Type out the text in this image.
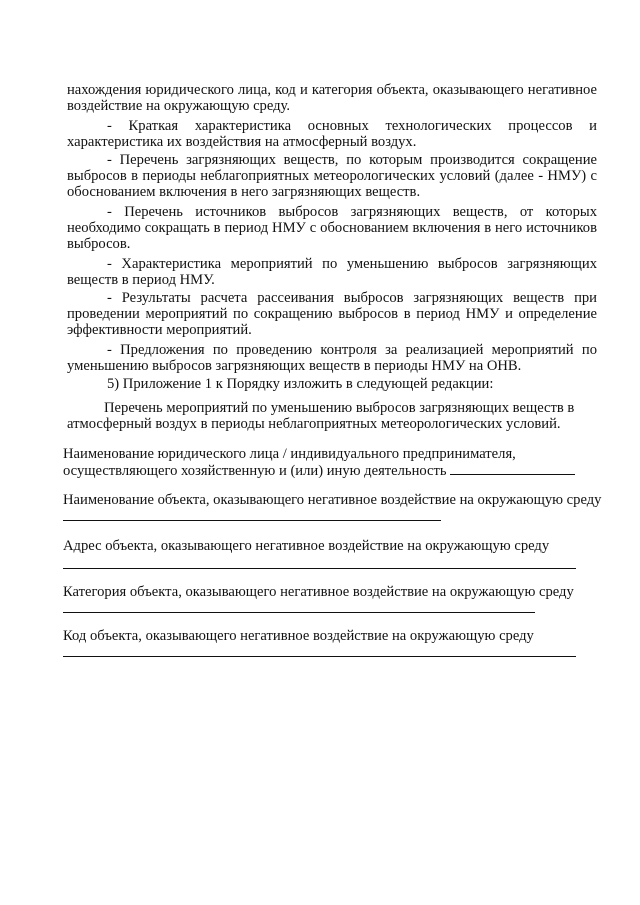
нахождения юридического лица, код и категория объекта, оказывающего негативное воздействие на окружающую среду.

- Краткая характеристика основных технологических процессов и характеристика их воздействия на атмосферный воздух.

- Перечень загрязняющих веществ, по которым производится сокращение выбросов в периоды неблагоприятных метеорологических условий (далее - НМУ) с обоснованием включения в него загрязняющих веществ.

- Перечень источников выбросов загрязняющих веществ, от которых необходимо сокращать в период НМУ с обоснованием включения в него источников выбросов.

- Характеристика мероприятий по уменьшению выбросов загрязняющих веществ в период НМУ.

- Результаты расчета рассеивания выбросов загрязняющих веществ при проведении мероприятий по сокращению выбросов в период НМУ и определение эффективности мероприятий.

- Предложения по проведению контроля за реализацией мероприятий по уменьшению выбросов загрязняющих веществ в периоды НМУ на ОНВ.

5) Приложение 1 к Порядку изложить в следующей редакции:

Перечень мероприятий по уменьшению выбросов загрязняющих веществ в атмосферный воздух в периоды неблагоприятных метеорологических условий.

Наименование юридического лица / индивидуального предпринимателя, осуществляющего хозяйственную и (или) иную деятельность

Наименование объекта, оказывающего негативное воздействие на окружающую среду

Адрес объекта, оказывающего негативное воздействие на окружающую среду

Категория объекта, оказывающего негативное воздействие на окружающую среду

Код объекта, оказывающего негативное воздействие на окружающую среду
